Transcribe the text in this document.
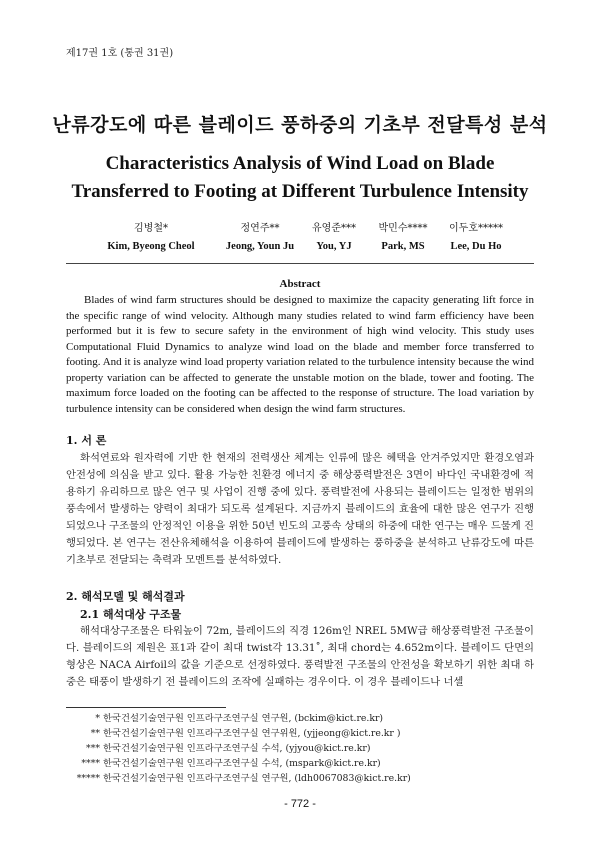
제17권 1호 (통권 31권)
난류강도에 따른 블레이드 풍하중의 기초부 전달특성 분석
Characteristics Analysis of Wind Load on Blade Transferred to Footing at Different Turbulence Intensity
김병철*
Kim, Byeong Cheol
정연주**
Jeong, Youn Ju
유영준***
You, YJ
박민수****
Park, MS
이두호*****
Lee, Du Ho
Abstract

Blades of wind farm structures should be designed to maximize the capacity generating lift force in the specific range of wind velocity. Although many studies related to wind farm efficiency have been performed but it is few to secure safety in the environment of high wind velocity. This study uses Computational Fluid Dynamics to analyze wind load on the blade and member force transferred to footing. And it is analyze wind load property variation related to the turbulence intensity because the wind property variation can be affected to generate the unstable motion on the blade, tower and footing. The maximum force loaded on the footing can be affected to the response of structure. The load variation by turbulence intensity can be considered when design the wind farm structures.

1. 서 론

화석연료와 원자력에 기반 한 현재의 전력생산 체계는 인류에 많은 혜택을 안겨주었지만 환경오염과 안전성에 의심을 받고 있다. 활용 가능한 친환경 에너지 중 해상풍력발전은 3면이 바다인 국내환경에 적용하기 유리하므로 많은 연구 및 사업이 진행 중에 있다. 풍력발전에 사용되는 블레이드는 일정한 범위의 풍속에서 발생하는 양력이 최대가 되도록 설계된다. 지금까지 블레이드의 효율에 대한 많은 연구가 진행되었으나 구조물의 안정적인 이용을 위한 50년 빈도의 고풍속 상태의 하중에 대한 연구는 매우 드물게 진행되었다. 본 연구는 전산유체해석을 이용하여 블레이드에 발생하는 풍하중을 분석하고 난류강도에 따른 기초부로 전달되는 축력과 모멘트를 분석하였다.

2. 해석모델 및 해석결과
2.1 해석대상 구조물

해석대상구조물은 타워높이 72m, 블레이드의 직경 126m인 NREL 5MW급 해상풍력발전 구조물이다. 블레이드의 제원은 표1과 같이 최대 twist각 13.31˚, 최대 chord는 4.652m이다. 블레이드 단면의 형상은 NACA Airfoil의 값을 기준으로 선정하였다. 풍력발전 구조물의 안전성을 확보하기 위한 최대 하중은 태풍이 발생하기 전 블레이드의 조작에 실패하는 경우이다. 이 경우 블레이드나 너셀

* 한국건설기술연구원 인프라구조연구실 연구원, (bckim@kict.re.kr)
** 한국건설기술연구원 인프라구조연구실 연구위원, (yjjeong@kict.re.kr )
*** 한국건설기술연구원 인프라구조연구실 수석, (yjyou@kict.re.kr)
**** 한국건설기술연구원 인프라구조연구실 수석, (mspark@kict.re.kr)
***** 한국건설기술연구원 인프라구조연구실 연구원, (ldh0067083@kict.re.kr)
- 772 -
